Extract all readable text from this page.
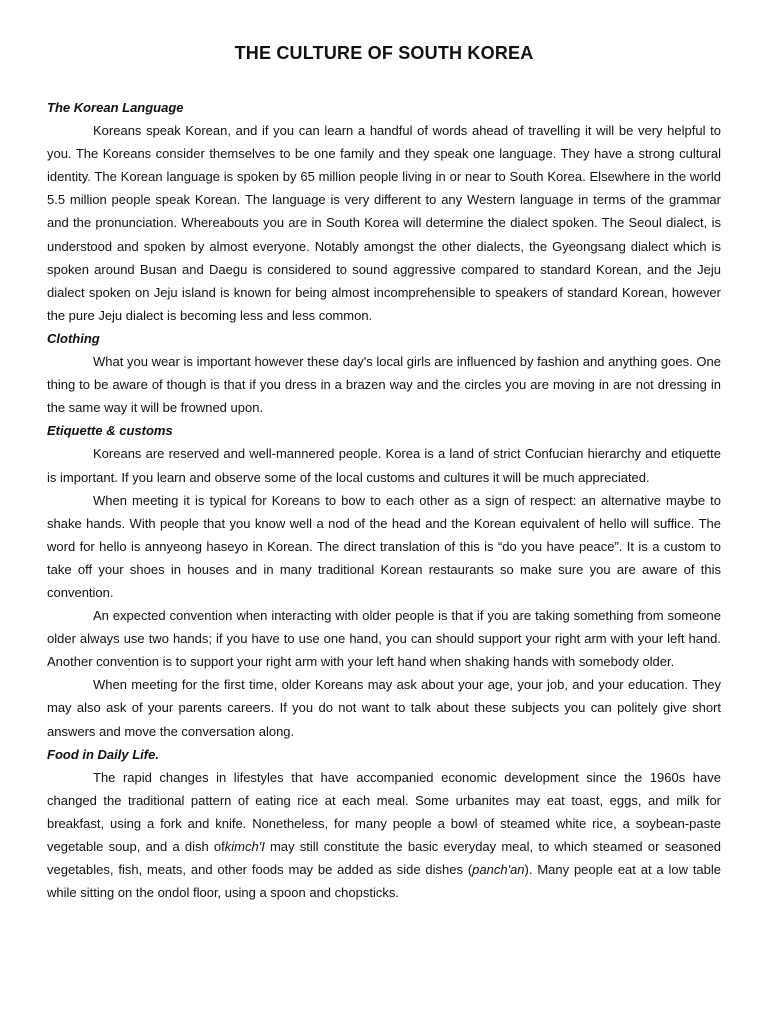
THE CULTURE OF SOUTH KOREA

The Korean Language

Koreans speak Korean, and if you can learn a handful of words ahead of travelling it will be very helpful to you. The Koreans consider themselves to be one family and they speak one language. They have a strong cultural identity. The Korean language is spoken by 65 million people living in or near to South Korea. Elsewhere in the world 5.5 million people speak Korean. The language is very different to any Western language in terms of the grammar and the pronunciation. Whereabouts you are in South Korea will determine the dialect spoken. The Seoul dialect, is understood and spoken by almost everyone. Notably amongst the other dialects, the Gyeongsang dialect which is spoken around Busan and Daegu is considered to sound aggressive compared to standard Korean, and the Jeju dialect spoken on Jeju island is known for being almost incomprehensible to speakers of standard Korean, however the pure Jeju dialect is becoming less and less common.

Clothing

What you wear is important however these day's local girls are influenced by fashion and anything goes. One thing to be aware of though is that if you dress in a brazen way and the circles you are moving in are not dressing in the same way it will be frowned upon.

Etiquette & customs

Koreans are reserved and well-mannered people. Korea is a land of strict Confucian hierarchy and etiquette is important. If you learn and observe some of the local customs and cultures it will be much appreciated.

When meeting it is typical for Koreans to bow to each other as a sign of respect: an alternative maybe to shake hands. With people that you know well a nod of the head and the Korean equivalent of hello will suffice. The word for hello is annyeong haseyo in Korean. The direct translation of this is “do you have peace”. It is a custom to take off your shoes in houses and in many traditional Korean restaurants so make sure you are aware of this convention.

An expected convention when interacting with older people is that if you are taking something from someone older always use two hands; if you have to use one hand, you can should support your right arm with your left hand. Another convention is to support your right arm with your left hand when shaking hands with somebody older.

When meeting for the first time, older Koreans may ask about your age, your job, and your education. They may also ask of your parents careers. If you do not want to talk about these subjects you can politely give short answers and move the conversation along.

Food in Daily Life.

The rapid changes in lifestyles that have accompanied economic development since the 1960s have changed the traditional pattern of eating rice at each meal. Some urbanites may eat toast, eggs, and milk for breakfast, using a fork and knife. Nonetheless, for many people a bowl of steamed white rice, a soybean-paste vegetable soup, and a dish ofkimch'I may still constitute the basic everyday meal, to which steamed or seasoned vegetables, fish, meats, and other foods may be added as side dishes (panch'an). Many people eat at a low table while sitting on the ondol floor, using a spoon and chopsticks.
